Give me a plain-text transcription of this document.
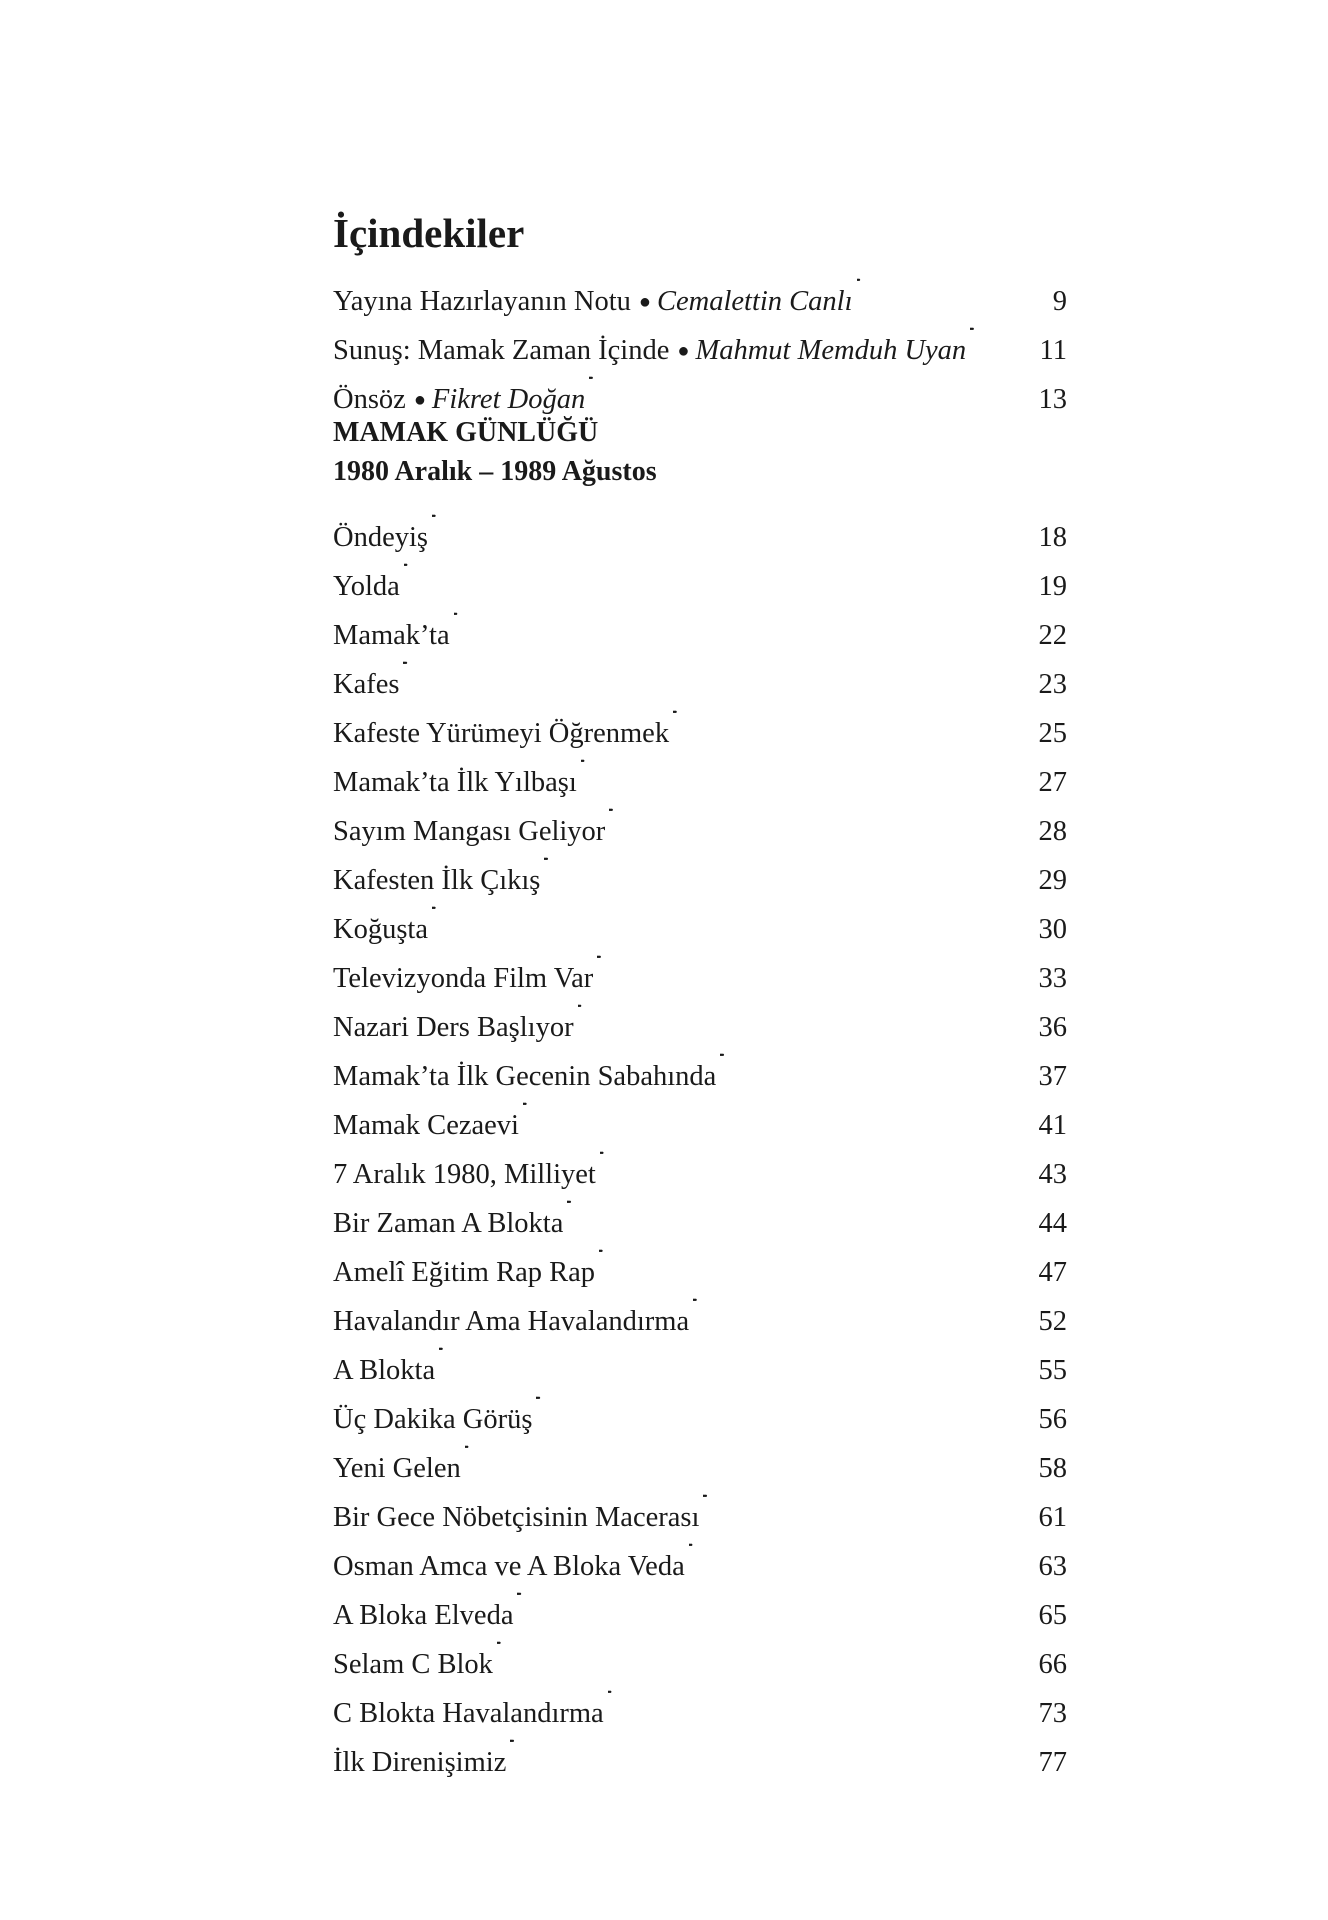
İçindekiler
Yayına Hazırlayanın Notu ● Cemalettin Canlı . . .	9
Sunuş: Mamak Zaman İçinde ● Mahmut Memduh Uyan . . .	11
Önsöz ● Fikret Doğan . . .	13
MAMAK GÜNLÜĞÜ
1980 Aralık – 1989 Ağustos
Öndeyiş . . .	18
Yolda . . .	19
Mamak’ta . . .	22
Kafes . . .	23
Kafeste Yürümeyi Öğrenmek . . .	25
Mamak’ta İlk Yılbaşı . . .	27
Sayım Mangası Geliyor . . .	28
Kafesten İlk Çıkış . . .	29
Koğuşta . . .	30
Televizyonda Film Var . . .	33
Nazari Ders Başlıyor . . .	36
Mamak’ta İlk Gecenin Sabahında . . .	37
Mamak Cezaevi . . .	41
7 Aralık 1980, Milliyet . . .	43
Bir Zaman A Blokta . . .	44
Amelî Eğitim Rap Rap . . .	47
Havalandır Ama Havalandırma . . .	52
A Blokta . . .	55
Üç Dakika Görüş . . .	56
Yeni Gelen . . .	58
Bir Gece Nöbetçisinin Macerası . . .	61
Osman Amca ve A Bloka Veda . . .	63
A Bloka Elveda . . .	65
Selam C Blok . . .	66
C Blokta Havalandırma . . .	73
İlk Direnişimiz . . .	77
